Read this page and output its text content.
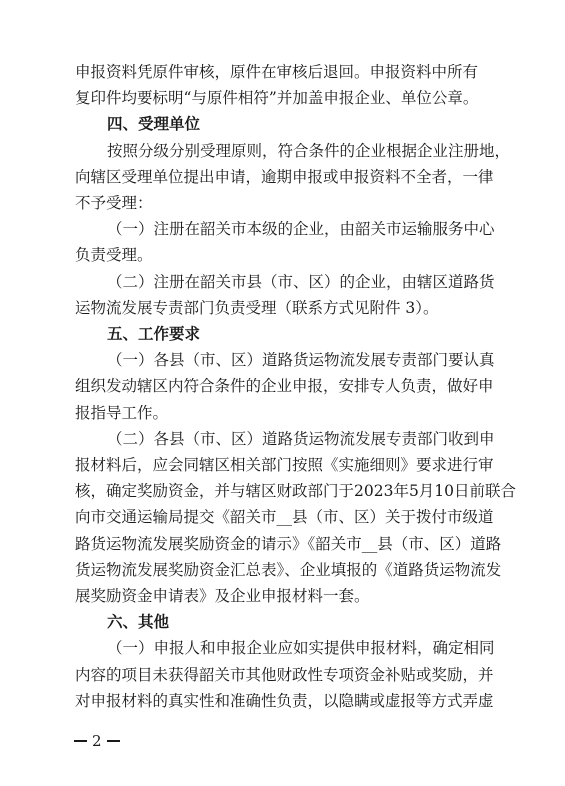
申报资料凭原件审核，原件在审核后退回。申报资料中所有
复印件均要标明“与原件相符”并加盖申报企业、单位公章。
四、受理单位
按照分级分别受理原则，符合条件的企业根据企业注册地，
向辖区受理单位提出申请，逾期申报或申报资料不全者，一律
不予受理：
（一）注册在韶关市本级的企业，由韶关市运输服务中心
负责受理。
（二）注册在韶关市县（市、区）的企业，由辖区道路货
运物流发展专责部门负责受理（联系方式见附件 3）。
五、工作要求
（一）各县（市、区）道路货运物流发展专责部门要认真
组织发动辖区内符合条件的企业申报，安排专人负责，做好申
报指导工作。
（二）各县（市、区）道路货运物流发展专责部门收到申
报材料后，应会同辖区相关部门按照《实施细则》要求进行审
核，确定奖励资金，并与辖区财政部门于2023年5月10日前联合
向市交通运输局提交《韶关市__县（市、区）关于拨付市级道
路货运物流发展奖励资金的请示》《韶关市__县（市、区）道路
货运物流发展奖励资金汇总表》、企业填报的《道路货运物流发
展奖励资金申请表》及企业申报材料一套。
六、其他
（一）申报人和申报企业应如实提供申报材料，确定相同
内容的项目未获得韶关市其他财政性专项资金补贴或奖励，并
对申报材料的真实性和准确性负责，以隐瞒或虚报等方式弄虚
2
